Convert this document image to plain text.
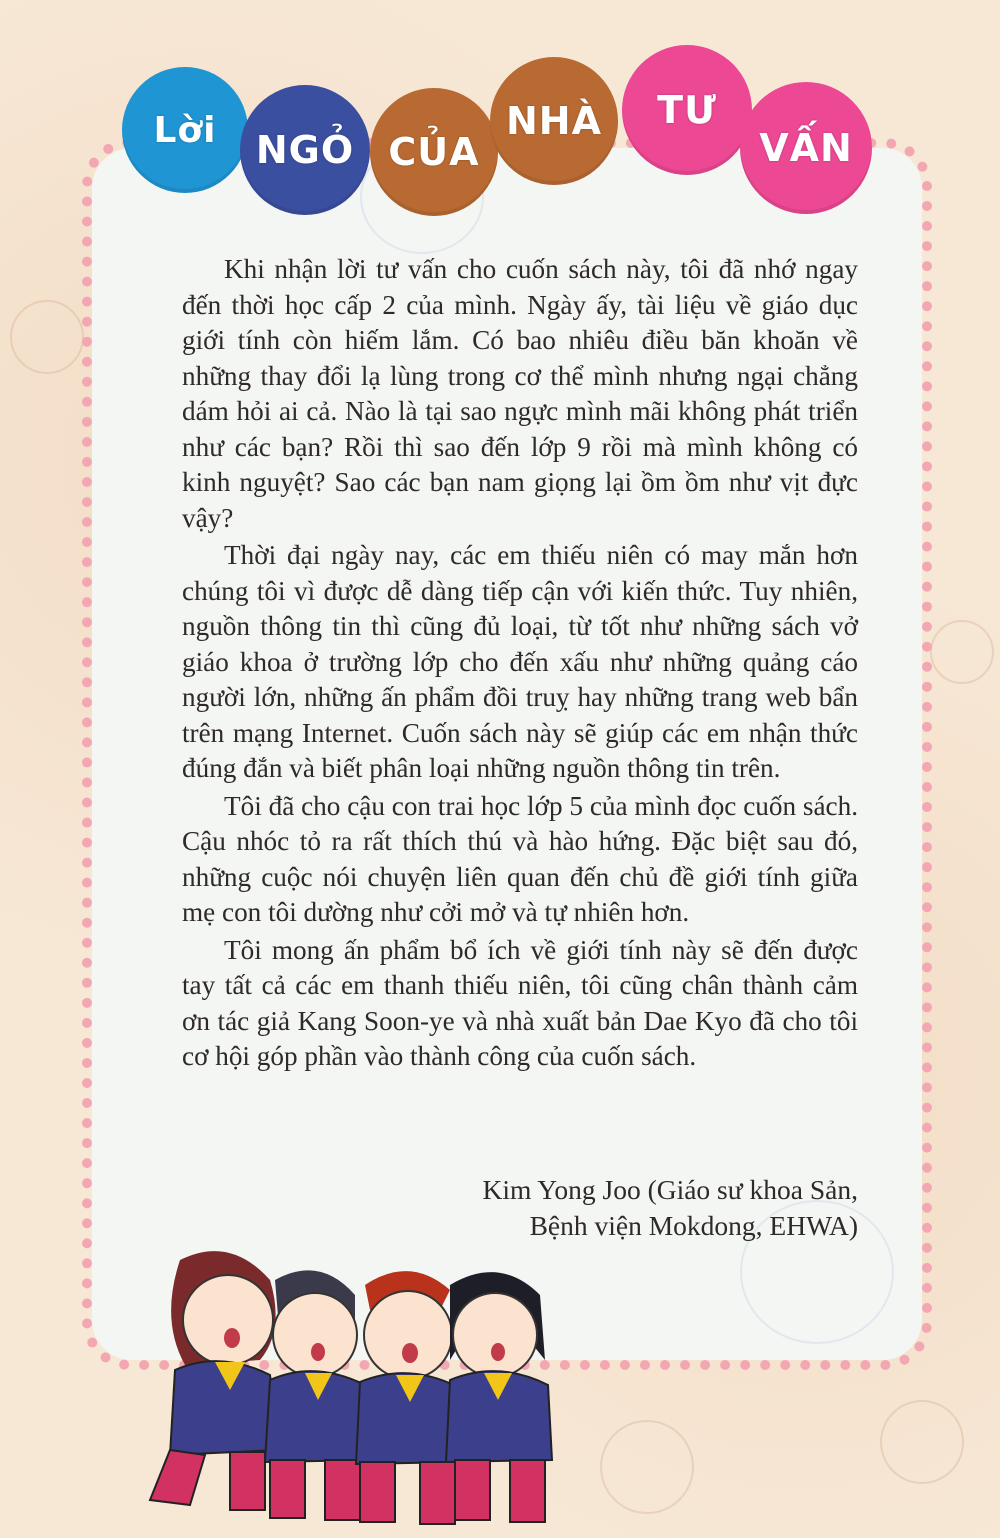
Lời NGỎ CỦA
NHÀ TƯ
VẤN

Khi nhận lời tư vấn cho cuốn sách này, tôi đã nhớ ngay đến thời học cấp 2 của mình. Ngày ấy, tài liệu về giáo dục giới tính còn hiếm lắm. Có bao nhiêu điều băn khoăn về những thay đổi lạ lùng trong cơ thể mình nhưng ngại chẳng dám hỏi ai cả. Nào là tại sao ngực mình mãi không phát triển như các bạn? Rồi thì sao đến lớp 9 rồi mà mình không có kinh nguyệt? Sao các bạn nam giọng lại ồm ồm như vịt đực vậy?

Thời đại ngày nay, các em thiếu niên có may mắn hơn chúng tôi vì được dễ dàng tiếp cận với kiến thức. Tuy nhiên, nguồn thông tin thì cũng đủ loại, từ tốt như những sách vở giáo khoa ở trường lớp cho đến xấu như những quảng cáo người lớn, những ấn phẩm đồi truỵ hay những trang web bẩn trên mạng Internet. Cuốn sách này sẽ giúp các em nhận thức đúng đắn và biết phân loại những nguồn thông tin trên.

Tôi đã cho cậu con trai học lớp 5 của mình đọc cuốn sách. Cậu nhóc tỏ ra rất thích thú và hào hứng. Đặc biệt sau đó, những cuộc nói chuyện liên quan đến chủ đề giới tính giữa mẹ con tôi dường như cởi mở và tự nhiên hơn.

Tôi mong ấn phẩm bổ ích về giới tính này sẽ đến được tay tất cả các em thanh thiếu niên, tôi cũng chân thành cảm ơn tác giả Kang Soon-ye và nhà xuất bản Dae Kyo đã cho tôi cơ hội góp phần vào thành công của cuốn sách.

Kim Yong Joo (Giáo sư khoa Sản,
Bệnh viện Mokdong, EHWA)
